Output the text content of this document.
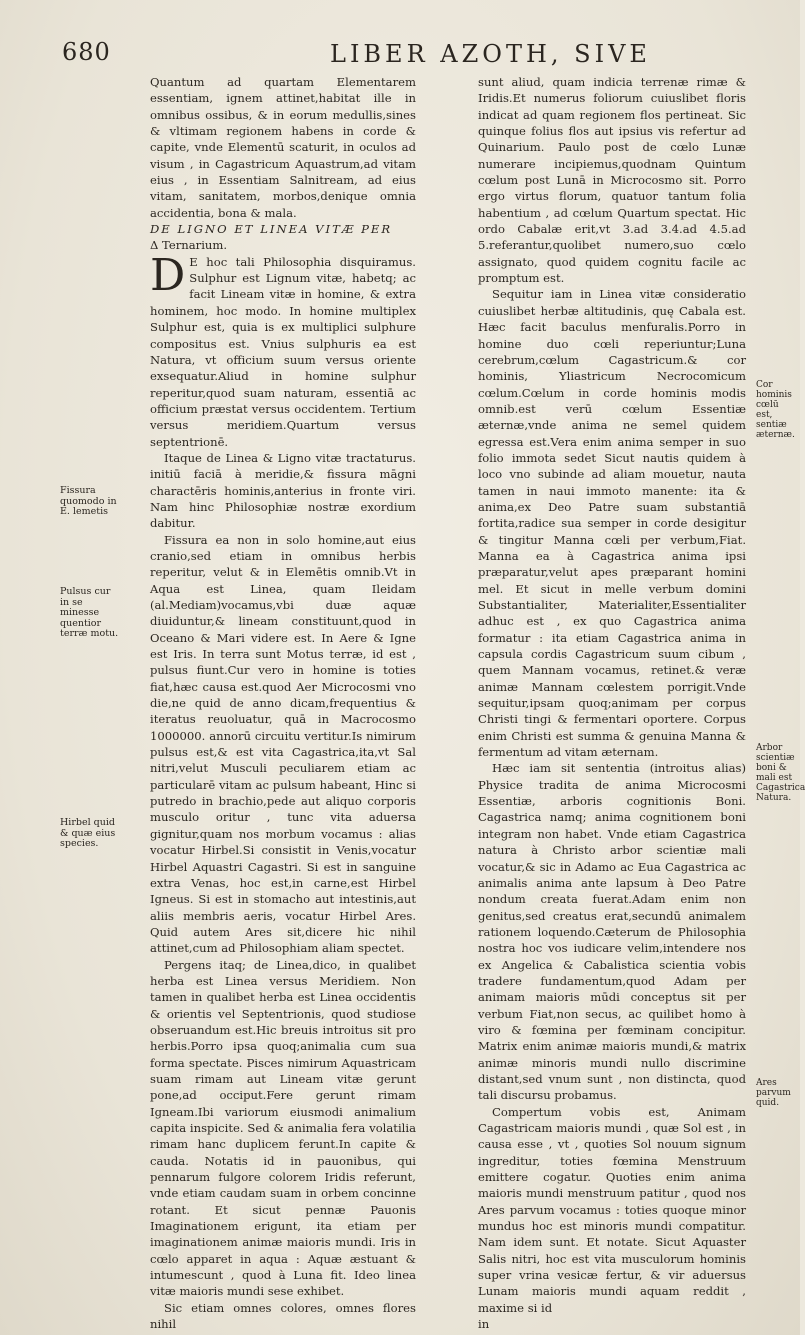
680	LIBER AZOTH, SIVE

Quantum ad quartam Elementarem essentiam, ignem attinet,habitat ille in omnibus ossibus, & in eorum medullis,sines & vltimam regionem habens in corde & capite, vnde Elementū scaturit, in oculos ad visum , in Cagastricum Aquastrum,ad vitam eius , in Essentiam Salnitream, ad eius vitam, sanitatem, morbos,denique omnia accidentia, bona & mala.

DE LIGNO ET LINEA VITÆ PER

Δ Ternarium.

D E hoc tali Philosophia disquiramus. Sulphur est Lignum vitæ, habetq; ac facit Lineam vitæ in homine, & extra hominem, hoc modo. In homine multiplex Sulphur est, quia is ex multiplici sulphure compositus est. Vnius sulphuris ea est Natura, vt officium suum versus oriente exsequatur.Aliud in homine sulphur reperitur,quod suam naturam, essentiā ac officium præstat versus occidentem. Tertium versus meridiem.Quartum versus septentrionē.

Itaque de Linea & Ligno vitæ tractaturus. initiū faciā à meridie,& fissura māgni charactēris hominis,anterius in fronte viri. Nam hinc Philosophiæ nostræ exordium dabitur.

Fissura ea non in solo homine,aut eius cranio,sed etiam in omnibus herbis reperitur, velut & in Elemētis omnib.Vt in Aqua est Linea, quam Ileidam (al.Mediam)vocamus,vbi duæ aquæ diuiduntur,& lineam constituunt,quod in Oceano & Mari videre est. In Aere & Igne est Iris. In terra sunt Motus terræ, id est , pulsus fiunt.Cur vero in homine is toties fiat,hæc causa est.quod Aer Microcosmi vno die,ne quid de anno dicam,frequentius & iteratus reuoluatur, quā in Macrocosmo 1000000. annorū circuitu vertitur.Is nimirum pulsus est,& est vita Cagastrica,ita,vt Sal nitri,velut Musculi peculiarem etiam ac particularē vitam ac pulsum habeant, Hinc si putredo in brachio,pede aut aliquo corporis musculo oritur , tunc vita aduersa gignitur,quam nos morbum vocamus : alias vocatur Hirbel.Si consistit in Venis,vocatur Hirbel Aquastri Cagastri. Si est in sanguine extra Venas, hoc est,in carne,est Hirbel Igneus. Si est in stomacho aut intestinis,aut aliis membris aeris, vocatur Hirbel Ares. Quid autem Ares sit,dicere hic nihil attinet,cum ad Philosophiam aliam spectet.

Pergens itaq; de Linea,dico, in qualibet herba est Linea versus Meridiem. Non tamen in qualibet herba est Linea occidentis & orientis vel Septentrionis, quod studiose obseruandum est.Hic breuis introitus sit pro herbis.Porro ipsa quoq;animalia cum sua forma spectate. Pisces nimirum Aquastricam suam rimam aut Lineam vitæ gerunt pone,ad occiput.Fere gerunt rimam Igneam.Ibi variorum eiusmodi animalium capita inspicite. Sed & animalia fera volatilia rimam hanc duplicem ferunt.In capite & cauda. Notatis id in pauonibus, qui pennarum fulgore colorem Iridis referunt, vnde etiam caudam suam in orbem concinne rotant. Et sicut pennæ Pauonis Imaginationem erigunt, ita etiam per imaginationem animæ maioris mundi. Iris in cœlo apparet in aqua : Aquæ æstuant & intumescunt , quod à Luna fit. Ideo linea vitæ maioris mundi sese exhibet.

Sic etiam omnes colores, omnes flores nihil

sunt aliud, quam indicia terrenæ rimæ & Iridis.Et numerus foliorum cuiuslibet floris indicat ad quam regionem flos pertineat. Sic quinque folius flos aut ipsius vis refertur ad Quinarium. Paulo post de cœlo Lunæ numerare incipiemus,quodnam Quintum cœlum post Lunā in Microcosmo sit. Porro ergo virtus florum, quatuor tantum folia habentium , ad cœlum Quartum spectat. Hic ordo Cabalæ erit,vt 3.ad 3.4.ad 4.5.ad 5.referantur,quolibet numero,suo cœlo assignato, quod quidem cognitu facile ac promptum est.

Sequitur iam in Linea vitæ consideratio cuiuslibet herbæ altitudinis, quę Cabala est. Hæc facit baculus menfuralis.Porro in homine duo cœli reperiuntur;Luna cerebrum,cœlum Cagastricum.& cor hominis, Yliastricum Necrocomicum cœlum.Cœlum in corde hominis modis omnib.est verū cœlum Essentiæ æternæ,vnde anima ne semel quidem egressa est.Vera enim anima semper in suo folio immota sedet Sicut nautis quidem à loco vno subinde ad aliam mouetur, nauta tamen in naui immoto manente: ita & anima,ex Deo Patre suam substantiā fortita,radice sua semper in corde desigitur & tingitur Manna cœli per verbum,Fiat. Manna ea à Cagastrica anima ipsi præparatur,velut apes præparant homini mel. Et sicut in melle verbum domini Substantialiter, Materialiter,Essentialiter adhuc est , ex quo Cagastrica anima formatur : ita etiam Cagastrica anima in capsula cordis Cagastricum suum cibum , quem Mannam vocamus, retinet.& veræ animæ Mannam cœlestem porrigit.Vnde sequitur,ipsam quoq;animam per corpus Christi tingi & fermentari oportere. Corpus enim Christi est summa & genuina Manna & fermentum ad vitam æternam.

Hæc iam sit sententia (introitus alias) Physice tradita de anima Microcosmi Essentiæ, arboris cognitionis Boni. Cagastrica namq; anima cognitionem boni integram non habet. Vnde etiam Cagastrica natura à Christo arbor scientiæ mali vocatur,& sic in Adamo ac Eua Cagastrica ac animalis anima ante lapsum à Deo Patre nondum creata fuerat.Adam enim non genitus,sed creatus erat,secundū animalem rationem loquendo.Cæterum de Philosophia nostra hoc vos iudicare velim,intendere nos ex Angelica & Cabalistica scientia vobis tradere fundamentum,quod Adam per animam maioris mūdi conceptus sit per verbum Fiat,non secus, ac quilibet homo à viro & fœmina per fœminam concipitur. Matrix enim animæ maioris mundi,& matrix animæ minoris mundi nullo discrimine distant,sed vnum sunt , non distincta, quod tali discursu probamus.

Compertum vobis est, Animam Cagastricam maioris mundi , quæ Sol est , in causa esse , vt , quoties Sol nouum signum ingreditur, toties fœmina Menstruum emittere cogatur. Quoties enim anima maioris mundi menstruum patitur , quod nos Ares parvum vocamus : toties quoque minor mundus hoc est minoris mundi compatitur. Nam idem sunt. Et notate. Sicut Aquaster Salis nitri, hoc est vita musculorum hominis super vrina vesicæ fertur, & vir aduersus Lunam maioris mundi aquam reddit , maxime si id

in

Fissura quomodo in E. lemetis
Pulsus cur in se minesse quentior terræ motu.
Hirbel quid & quæ eius species.
Cor hominis cœlū est, sentiæ æternæ.
Arbor scientiæ boni & mali est Cagastrica Natura.
Ares parvum quid.
